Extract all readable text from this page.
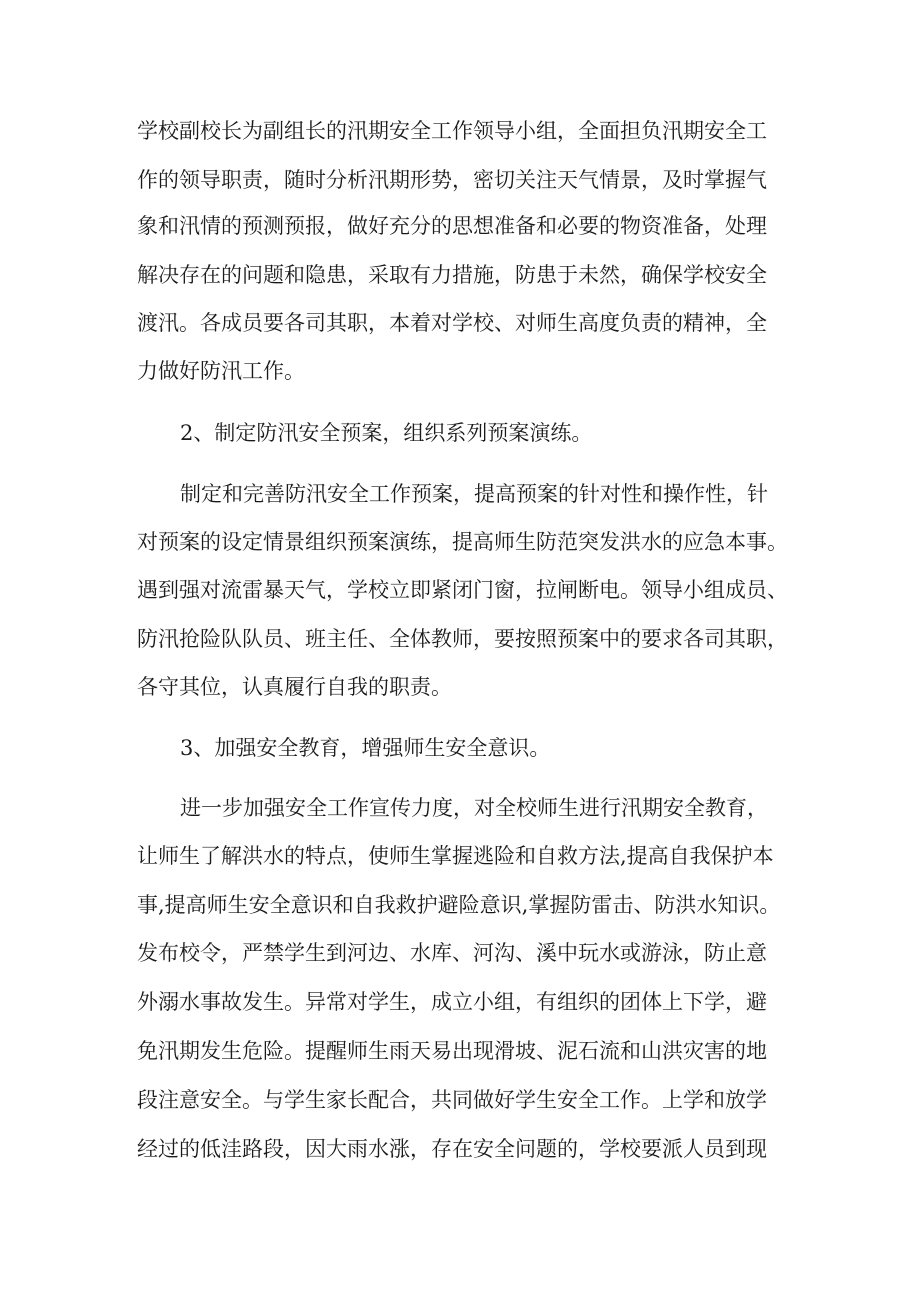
学校副校长为副组长的汛期安全工作领导小组，全面担负汛期安全工

作的领导职责，随时分析汛期形势，密切关注天气情景，及时掌握气

象和汛情的预测预报，做好充分的思想准备和必要的物资准备，处理

解决存在的问题和隐患，采取有力措施，防患于未然，确保学校安全

渡汛。各成员要各司其职，本着对学校、对师生高度负责的精神，全

力做好防汛工作。

2、制定防汛安全预案，组织系列预案演练。

制定和完善防汛安全工作预案，提高预案的针对性和操作性，针

对预案的设定情景组织预案演练，提高师生防范突发洪水的应急本事。

遇到强对流雷暴天气，学校立即紧闭门窗，拉闸断电。领导小组成员、

防汛抢险队队员、班主任、全体教师，要按照预案中的要求各司其职，

各守其位，认真履行自我的职责。

3、加强安全教育，增强师生安全意识。

进一步加强安全工作宣传力度，对全校师生进行汛期安全教育，

让师生了解洪水的特点，使师生掌握逃险和自救方法,提高自我保护本

事,提高师生安全意识和自我救护避险意识,掌握防雷击、防洪水知识。

发布校令，严禁学生到河边、水库、河沟、溪中玩水或游泳，防止意

外溺水事故发生。异常对学生，成立小组，有组织的团体上下学，避

免汛期发生危险。提醒师生雨天易出现滑坡、泥石流和山洪灾害的地

段注意安全。与学生家长配合，共同做好学生安全工作。上学和放学

经过的低洼路段，因大雨水涨，存在安全问题的，学校要派人员到现
